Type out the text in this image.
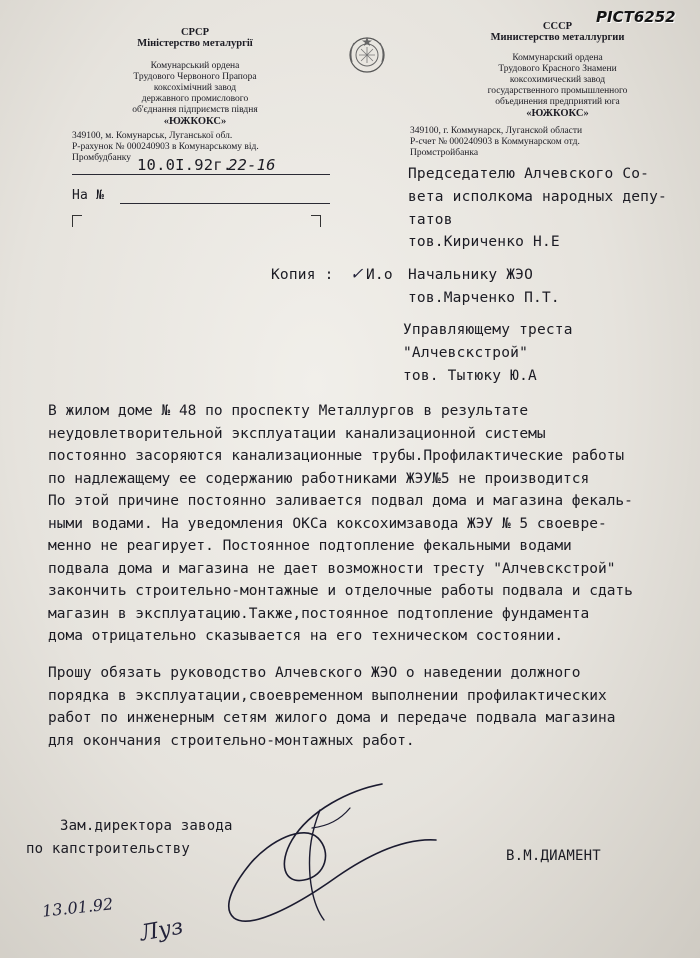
PICT6252
СРСР
Міністерство металургії
Комунарський ордена
Трудового Червоного Прапора
коксохімічний завод
державного промислового
об'єднання підприємств півдня
«ЮЖКОКС»
349100, м. Комунарськ, Луганської обл.
Р-рахунок № 000240903 в Комунарському від.
Промбудбанку
СССР
Министерство металлургии
Коммунарский ордена
Трудового Красного Знамени
коксохимический завод
государственного промышленного
объединения предприятий юга
«ЮЖКОКС»
349100, г. Коммунарск, Луганской области
Р-счет № 000240903 в Коммунарском отд.
Промстройбанка
10.0I.92г.
22-16
На №
Председателю Алчевского Со-
вета исполкома народных депу-
татов
тов.Кириченко Н.Е
Копия : ✓ И.о Начальнику ЖЭО
тов.Марченко П.Т.
Управляющему треста
"Алчевскстрой"
тов. Тытюку Ю.А
В жилом доме № 48 по проспекту Металлургов в результате
неудовлетворительной эксплуатации канализационной системы
постоянно засоряются канализационные трубы.Профилактические работы
по надлежащему ее содержанию работниками ЖЭУ№5 не производится
По этой причине постоянно заливается подвал дома и магазина фекаль-
ными водами. На уведомления ОКСа коксохимзавода ЖЭУ № 5 своевре-
менно не реагирует. Постоянное подтопление фекальными водами
подвала дома и магазина не дает возможности тресту "Алчевскстрой"
закончить строительно-монтажные и отделочные работы подвала и сдать
магазин в эксплуатацию.Также,постоянное подтопление фундамента
дома отрицательно сказывается на его техническом состоянии.
Прошу обязать руководство Алчевского ЖЭО о наведении должного
порядка в эксплуатации,своевременном выполнении профилактических
работ по инженерным сетям жилого дома и передаче подвала магазина
для окончания строительно-монтажных работ.
Зам.директора завода
по капстроительству	В.М.ДИАМЕНТ
13.01.92
Луз
